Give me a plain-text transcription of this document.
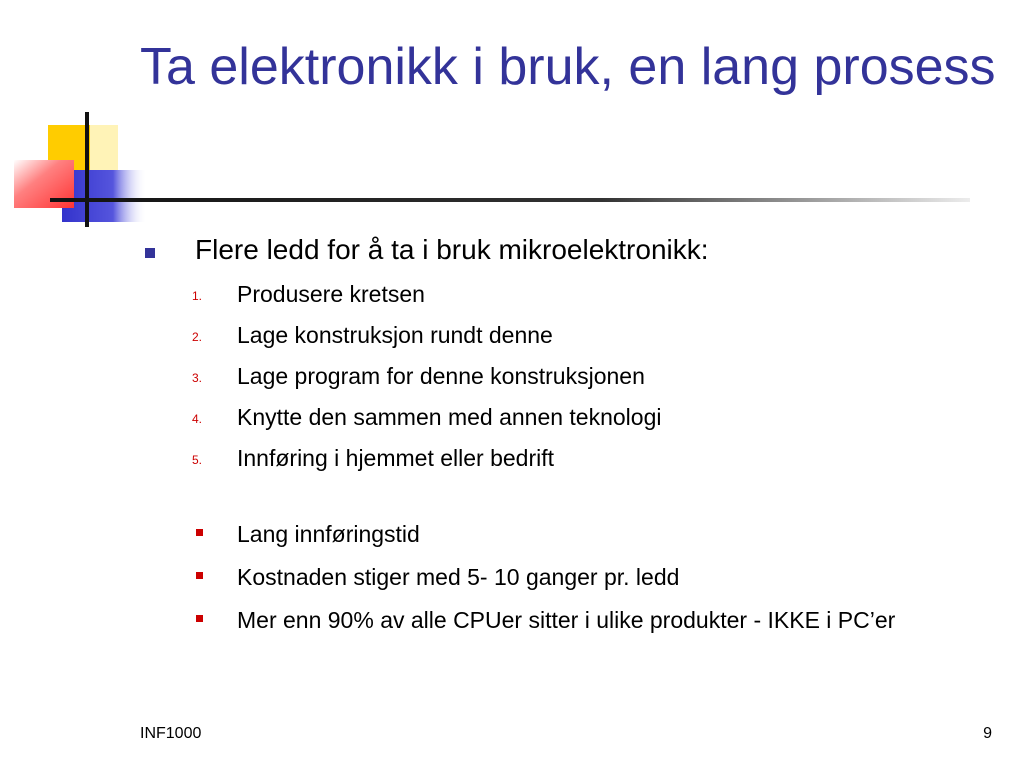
Ta elektronikk i bruk, en lang prosess
Flere ledd for å ta i bruk mikroelektronikk:
1.	Produsere kretsen
2.	Lage konstruksjon rundt denne
3.	Lage program for denne konstruksjonen
4.	Knytte den sammen med annen teknologi
5.	Innføring i hjemmet eller bedrift
Lang innføringstid
Kostnaden stiger med 5- 10 ganger pr. ledd
Mer enn 90% av alle CPUer sitter i ulike produkter - IKKE i PC’er
INF1000	9
